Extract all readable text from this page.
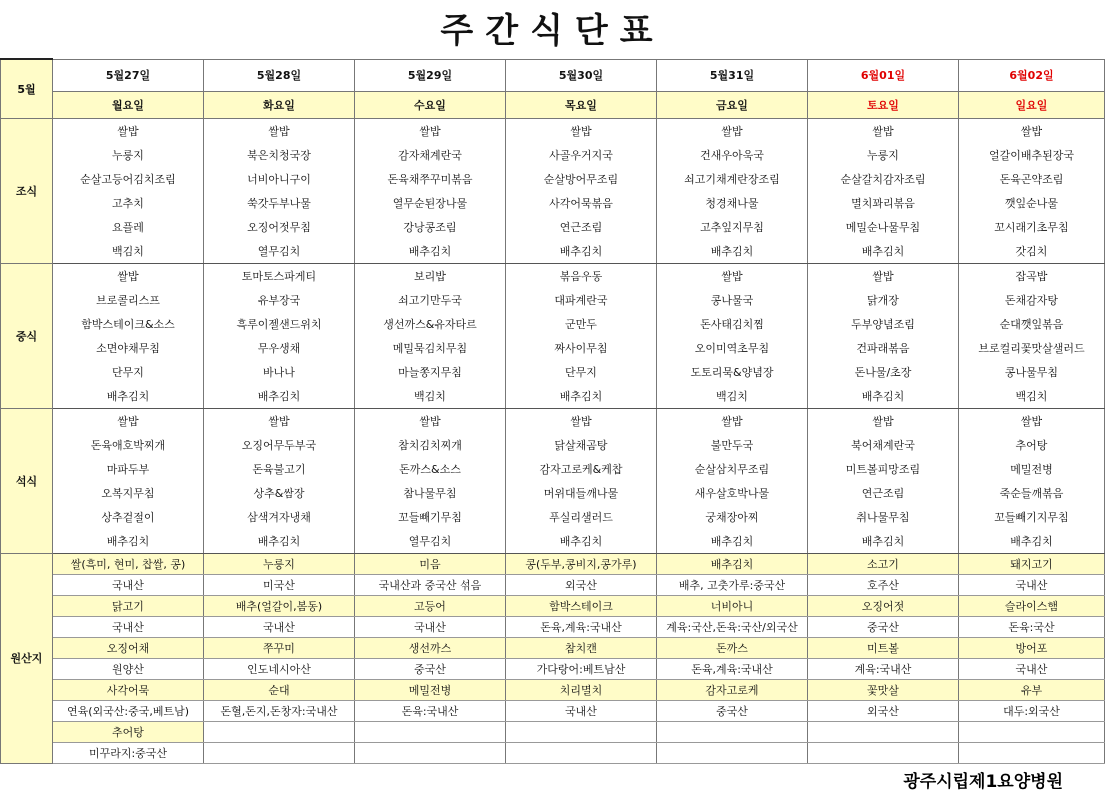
주간식단표
5월	5월27일	5월28일	5월29일	5월30일	5월31일	6월01일	6월02일
	월요일	화요일	수요일	목요일	금요일	토요일	일요일
조식	쌀밥	쌀밥	쌀밥	쌀밥	쌀밥	쌀밥	쌀밥
	누룽지	북은치청국장	감자채계란국	사골우거지국	건새우아욱국	누룽지	얼갈이배추된장국
	순살고등어김치조림	너비아니구이	돈육채쭈꾸미볶음	순살방어무조림	쇠고기채계란장조림	순살갈치감자조림	돈육곤약조림
	고추치	쑥갓두부나물	열무순된장나물	사각어묵볶음	청경채나물	멸치꽈리볶음	깻잎순나물
	요플레	오징어젓무침	강낭콩조림	연근조림	고추잎지무침	메밀순나물무침	꼬시래기초무침
	백김치	열무김치	배추김치	배추김치	배추김치	배추김치	갓김치
중식	쌀밥	토마토스파게티	보리밥	볶음우동	쌀밥	쌀밥	잡곡밥
	브로콜리스프	유부장국	쇠고기만두국	대파계란국	콩나물국	닭개장	돈채감자탕
	함박스테이크&소스	흑루이젤샌드위치	생선까스&유자타르	군만두	돈사태김치찜	두부양념조림	순대깻잎볶음
	소면야채무침	무우생채	메밀묵김치무침	짜사이무침	오이미역초무침	건파래볶음	브로컬리꽃맛살샐러드
	단무지	바나나	마늘쫑지무침	단무지	도토리묵&양념장	돈나물/초장	콩나물무침
	배추김치	배추김치	백김치	배추김치	백김치	배추김치	백김치
석식	쌀밥	쌀밥	쌀밥	쌀밥	쌀밥	쌀밥	쌀밥
	돈육애호박찌개	오징어무두부국	참치김치찌개	닭살채곰탕	불만두국	북어채계란국	추어탕
	마파두부	돈육불고기	돈까스&소스	감자고로케&케찹	순살삼치무조림	미트볼피망조림	메밀전병
	오복지무침	상추&쌈장	참나물무침	머위대들깨나물	새우살호박나물	연근조림	죽순들깨볶음
	상추겉절이	삼색겨자냉채	꼬들빼기무침	푸실리샐러드	궁채장아찌	취나물무침	꼬들빼기지무침
	배추김치	배추김치	열무김치	배추김치	배추김치	배추김치	배추김치
원산지	쌀(흑미, 현미, 찹쌀, 콩)	누룽지	미음	콩(두부,콩비지,콩가루)	배추김치	소고기	돼지고기
	국내산	미국산	국내산과 중국산 섞음	외국산	배추, 고춧가루:중국산	호주산	국내산
	닭고기	배추(얼갈이,봄동)	고등어	함박스테이크	너비아니	오징어젓	슬라이스햄
	국내산	국내산	국내산	돈육,계육:국내산	계육:국산,돈육:국산/외국산	중국산	돈육:국산
	오징어채	쭈꾸미	생선까스	참치캔	돈까스	미트볼	방어포
	원양산	인도네시아산	중국산	가다랑어:베트남산	돈육,계육:국내산	계육:국내산	국내산
	사각어묵	순대	메밀전병	치리멸치	감자고로케	꽃맛살	유부
	연육(외국산:중국,베트남)	돈혈,돈지,돈창자:국내산	돈육:국내산	국내산	중국산	외국산	대두:외국산
	추어탕						
	미꾸라지:중국산						
광주시립제1요양병원
